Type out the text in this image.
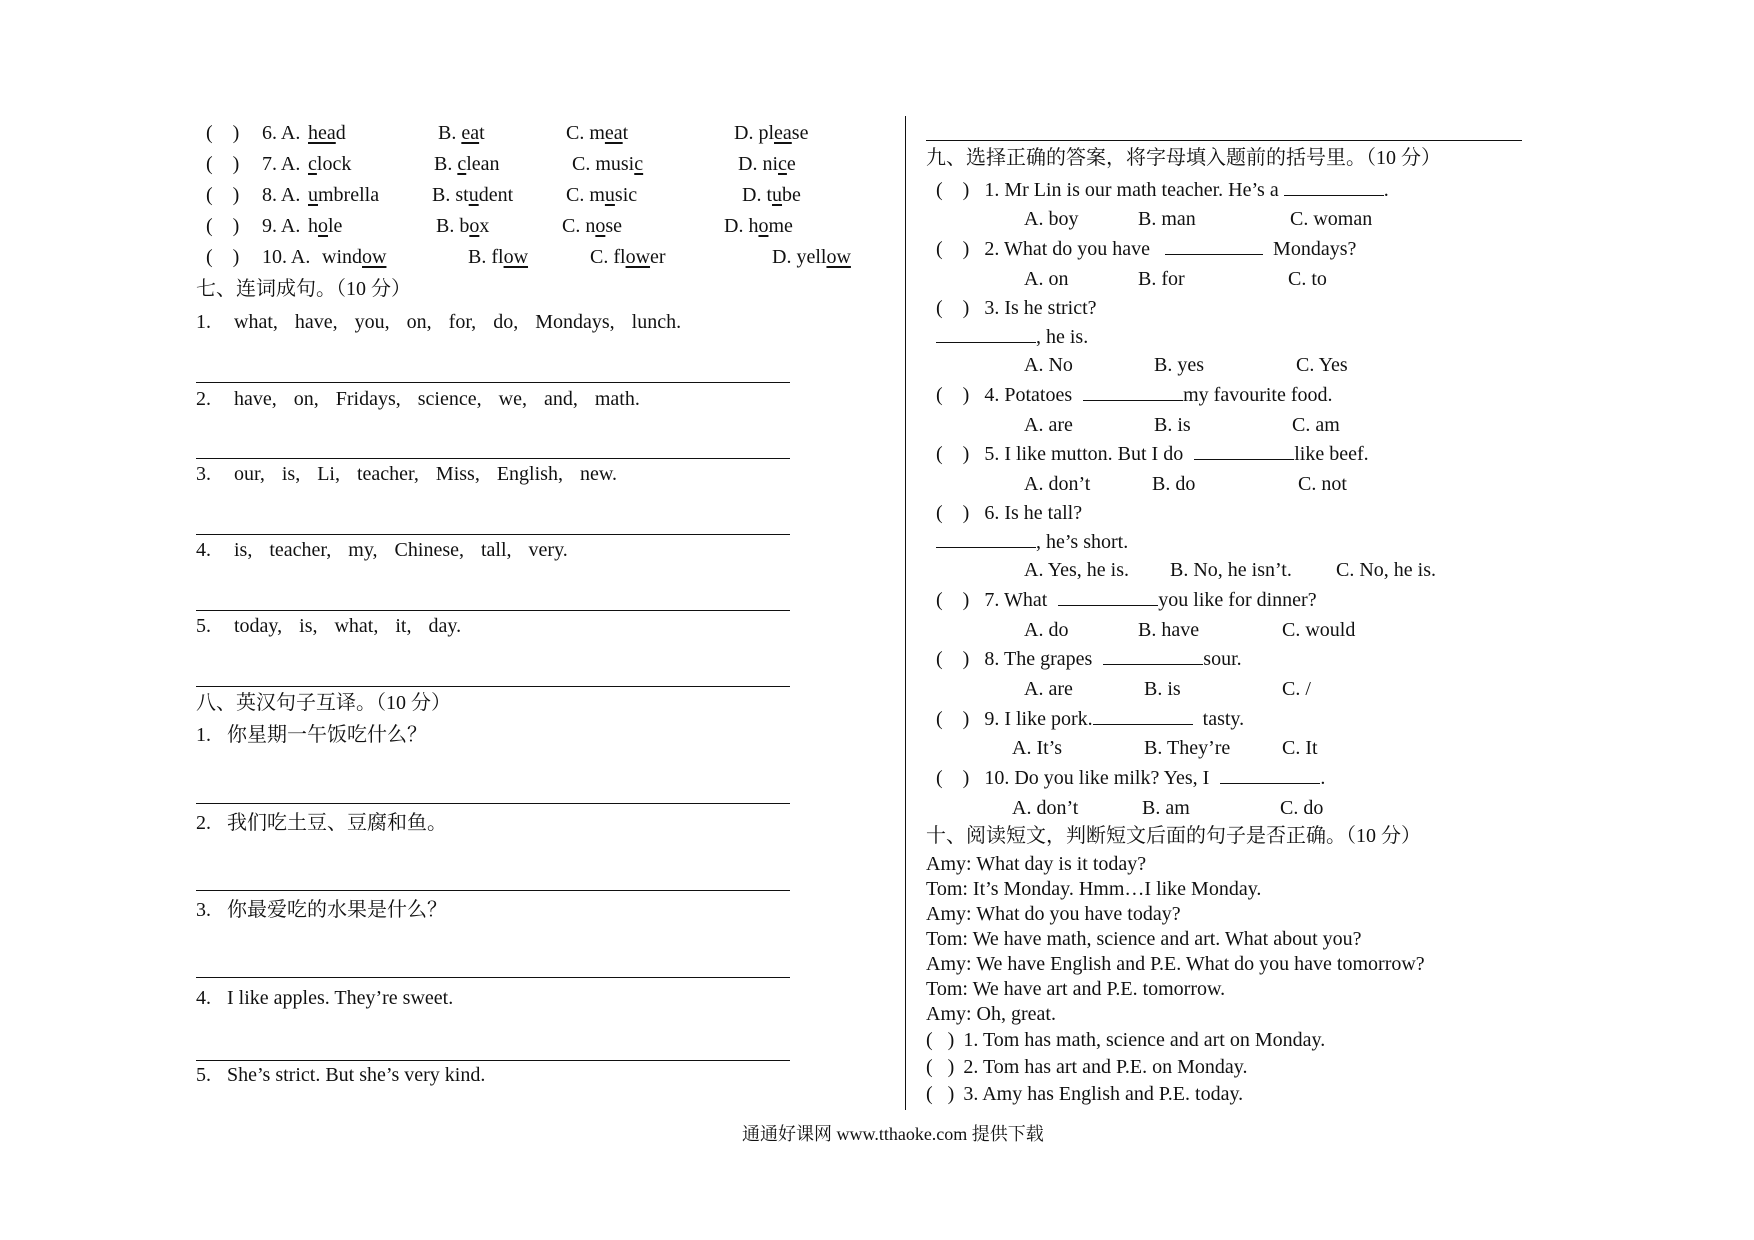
( ) 6. A. head	B. eat	C. meat	D. please
( ) 7. A. clock	B. clean	C. music	D. nice
( ) 8. A. umbrella	B. student	C. music	D. tube
( ) 9. A. hole	B. box	C. nose	D. home
( ) 10. A. window	B. flow	C. flower	D. yellow
七、连词成句。（10 分）
1. what, have, you, on, for, do, Mondays, lunch.
2. have, on, Fridays, science, we, and, math.
3. our, is, Li, teacher, Miss, English, new.
4. is, teacher, my, Chinese, tall, very.
5. today, is, what, it, day.
八、英汉句子互译。（10 分）
1. 你星期一午饭吃什么？
2. 我们吃土豆、豆腐和鱼。
3. 你最爱吃的水果是什么？
4. I like apples. They’re sweet.
5. She’s strict. But she’s very kind.
九、选择正确的答案，将字母填入题前的括号里。（10 分）
( ) 1. Mr Lin is our math teacher. He’s a	.
A. boy	B. man	C. woman
( ) 2. What do you have	Mondays?
A. on	B. for	C. to
( ) 3. Is he strict?
, he is.
A. No	B. yes	C. Yes
( ) 4. Potatoes	my favourite food.
A. are	B. is	C. am
( ) 5. I like mutton. But I do	like beef.
A. don’t	B. do	C. not
( ) 6. Is he tall?
, he’s short.
A. Yes, he is. B. No, he isn’t. C. No, he is.
( ) 7. What	you like for dinner?
A. do	B. have	C. would
( ) 8. The grapes	sour.
A. are	B. is	C. /
( ) 9. I like pork.	tasty.
A. It’s	B. They’re	C. It
( ) 10. Do you like milk? Yes, I	.
A. don’t	B. am	C. do
十、阅读短文，判断短文后面的句子是否正确。（10 分）
Amy: What day is it today?
Tom: It’s Monday. Hmm…I like Monday.
Amy: What do you have today?
Tom: We have math, science and art. What about you?
Amy: We have English and P.E. What do you have tomorrow?
Tom: We have art and P.E. tomorrow.
Amy: Oh, great.
( ) 1. Tom has math, science and art on Monday.
( ) 2. Tom has art and P.E. on Monday.
( ) 3. Amy has English and P.E. today.
通通好课网 www.tthaoke.com 提供下载
